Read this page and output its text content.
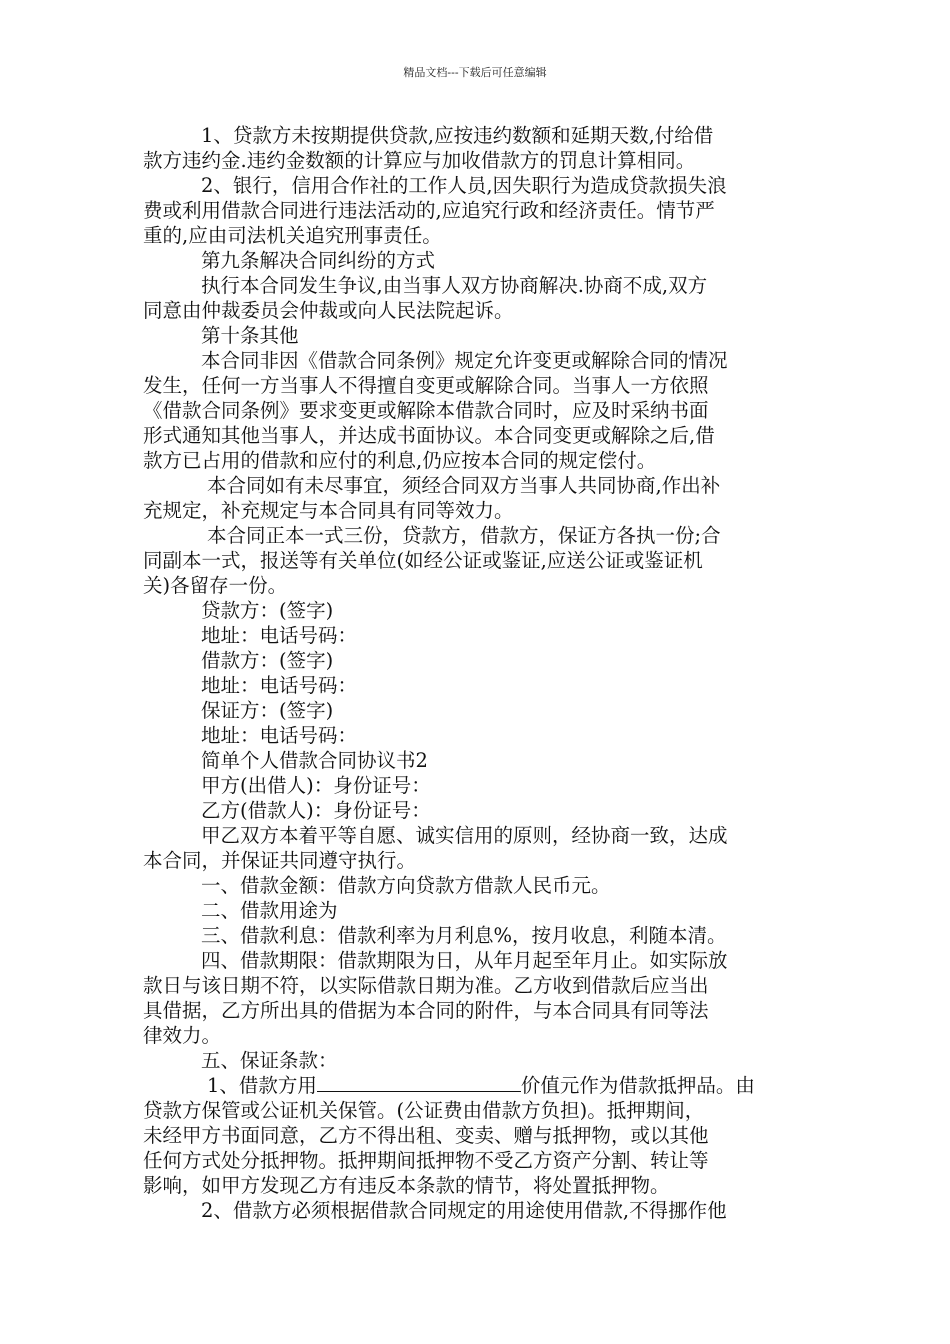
精品文档---下载后可任意编辑
1、贷款方未按期提供贷款,应按违约数额和延期天数,付给借
款方违约金.违约金数额的计算应与加收借款方的罚息计算相同。
2、银行，信用合作社的工作人员,因失职行为造成贷款损失浪
费或利用借款合同进行违法活动的,应追究行政和经济责任。情节严
重的,应由司法机关追究刑事责任。
第九条解决合同纠纷的方式
执行本合同发生争议,由当事人双方协商解决.协商不成,双方
同意由仲裁委员会仲裁或向人民法院起诉。
第十条其他
本合同非因《借款合同条例》规定允许变更或解除合同的情况
发生，任何一方当事人不得擅自变更或解除合同。当事人一方依照
《借款合同条例》要求变更或解除本借款合同时，应及时采纳书面
形式通知其他当事人，并达成书面协议。本合同变更或解除之后,借
款方已占用的借款和应付的利息,仍应按本合同的规定偿付。
本合同如有未尽事宜，须经合同双方当事人共同协商,作出补
充规定，补充规定与本合同具有同等效力。
本合同正本一式三份，贷款方，借款方，保证方各执一份;合
同副本一式，报送等有关单位(如经公证或鉴证,应送公证或鉴证机
关)各留存一份。
贷款方：(签字)
地址：电话号码：
借款方：(签字)
地址：电话号码：
保证方：(签字)
地址：电话号码：
简单个人借款合同协议书2
甲方(出借人)：身份证号：
乙方(借款人)：身份证号：
甲乙双方本着平等自愿、诚实信用的原则，经协商一致，达成
本合同，并保证共同遵守执行。
一、借款金额：借款方向贷款方借款人民币元。
二、借款用途为
三、借款利息：借款利率为月利息%，按月收息，利随本清。
四、借款期限：借款期限为日，从年月起至年月止。如实际放
款日与该日期不符，以实际借款日期为准。乙方收到借款后应当出
具借据，乙方所出具的借据为本合同的附件，与本合同具有同等法
律效力。
五、保证条款：
1、借款方用	价值元作为借款抵押品。由
贷款方保管或公证机关保管。(公证费由借款方负担)。抵押期间，
未经甲方书面同意，乙方不得出租、变卖、赠与抵押物，或以其他
任何方式处分抵押物。抵押期间抵押物不受乙方资产分割、转让等
影响，如甲方发现乙方有违反本条款的情节，将处置抵押物。
2、借款方必须根据借款合同规定的用途使用借款,不得挪作他
